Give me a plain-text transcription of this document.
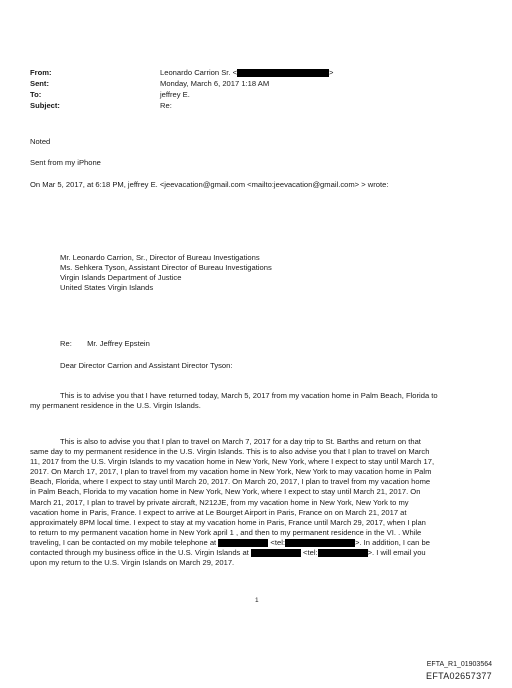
From:	Leonardo Carrion Sr. <	>
Sent:	Monday, March 6, 2017 1:18 AM
To:	jeffrey E.
Subject:	Re:
Noted
Sent from my iPhone
On Mar 5, 2017, at 6:18 PM, jeffrey E. <jeevacation@gmail.com <mailto:jeevacation@gmail.com> > wrote:

Mr. Leonardo Carrion, Sr., Director of Bureau Investigations

Ms. Sehkera Tyson, Assistant Director of Bureau Investigations

Virgin Islands Department of Justice

United States Virgin Islands

Re: Mr. Jeffrey Epstein
Dear Director Carrion and Assistant Director Tyson:

This is to advise you that I have returned today, March 5, 2017 from my vacation home in Palm Beach, Florida to

my permanent residence in the U.S. Virgin Islands.

This is also to advise you that I plan to travel on March 7, 2017 for a day trip to St. Barths and return on that

same day to my permanent residence in the U.S. Virgin Islands. This is to also advise you that I plan to travel on March

11, 2017 from the U.S. Virgin Islands to my vacation home in New York, New York, where I expect to stay until March 17,

2017. On March 17, 2017, I plan to travel from my vacation home in New York, New York to may vacation home in Palm

Beach, Florida, where I expect to stay until March 20, 2017. On March 20, 2017, I plan to travel from my vacation home

in Palm Beach, Florida to my vacation home in New York, New York, where I expect to stay until March 21, 2017. On

March 21, 2017, I plan to travel by private aircraft, N212JE, from my vacation home in New York, New York to my

vacation home in Paris, France. I expect to arrive at Le Bourget Airport in Paris, France on on March 21, 2017 at

approximately 8PM local time. I expect to stay at my vacation home in Paris, France until March 29, 2017, when I plan

to return to my permanent vacation home in New York april 1 , and then to my permanent residence in the VI. . While

traveling, I can be contacted on my mobile telephone at	<tel:	>. In addition, I can be

contacted through my business office in the U.S. Virgin Islands at	<tel:	>. I will email you

upon my return to the U.S. Virgin Islands on March 29, 2017.

1
EFTA_R1_01903564
EFTA02657377
